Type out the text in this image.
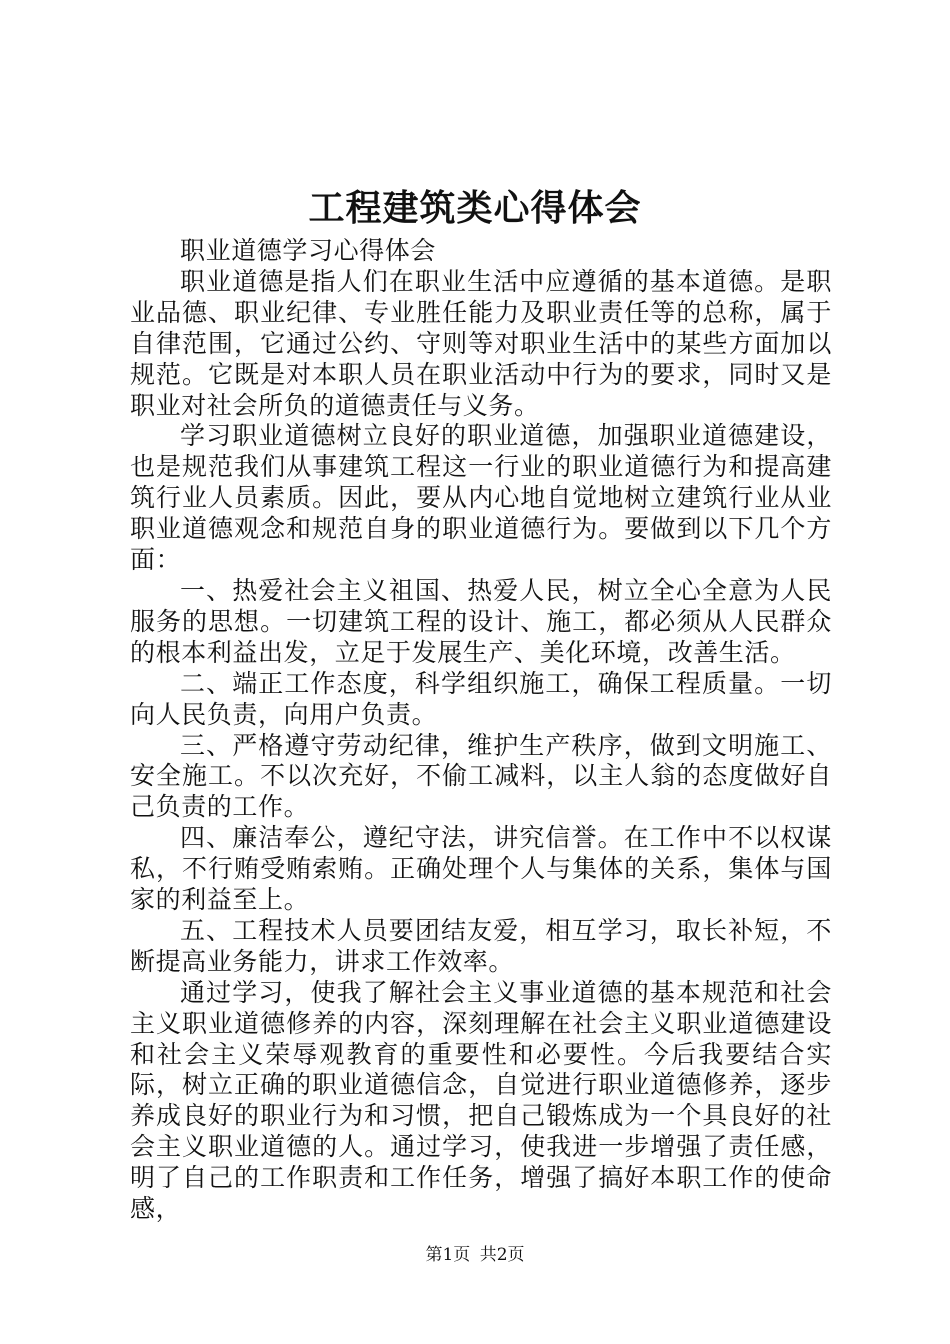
工程建筑类心得体会

职业道德学习心得体会

职业道德是指人们在职业生活中应遵循的基本道德。是职业品德、职业纪律、专业胜任能力及职业责任等的总称，属于自律范围，它通过公约、守则等对职业生活中的某些方面加以规范。它既是对本职人员在职业活动中行为的要求，同时又是职业对社会所负的道德责任与义务。

学习职业道德树立良好的职业道德，加强职业道德建设，也是规范我们从事建筑工程这一行业的职业道德行为和提高建筑行业人员素质。因此，要从内心地自觉地树立建筑行业从业职业道德观念和规范自身的职业道德行为。要做到以下几个方面：

一、热爱社会主义祖国、热爱人民，树立全心全意为人民服务的思想。一切建筑工程的设计、施工，都必须从人民群众的根本利益出发，立足于发展生产、美化环境，改善生活。

二、端正工作态度，科学组织施工，确保工程质量。一切向人民负责，向用户负责。

三、严格遵守劳动纪律，维护生产秩序，做到文明施工、安全施工。不以次充好，不偷工减料，以主人翁的态度做好自己负责的工作。

四、廉洁奉公，遵纪守法，讲究信誉。在工作中不以权谋私，不行贿受贿索贿。正确处理个人与集体的关系，集体与国家的利益至上。

五、工程技术人员要团结友爱，相互学习，取长补短，不断提高业务能力，讲求工作效率。

通过学习，使我了解社会主义事业道德的基本规范和社会主义职业道德修养的内容，深刻理解在社会主义职业道德建设和社会主义荣辱观教育的重要性和必要性。今后我要结合实际，树立正确的职业道德信念，自觉进行职业道德修养，逐步养成良好的职业行为和习惯，把自己锻炼成为一个具良好的社会主义职业道德的人。通过学习，使我进一步增强了责任感，明了自己的工作职责和工作任务，增强了搞好本职工作的使命感，

第1页 共2页
